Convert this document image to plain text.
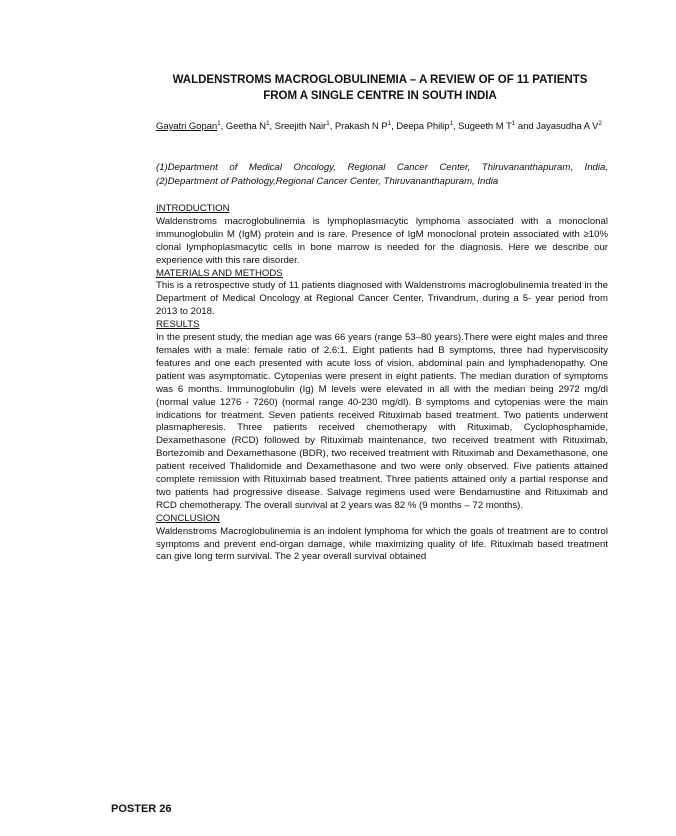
WALDENSTROMS MACROGLOBULINEMIA – A REVIEW OF OF 11 PATIENTS
FROM A SINGLE CENTRE IN SOUTH INDIA
Gayatri Gopan$^1$, Geetha $N^1$, Sreejith Nair$^1$, Prakash N $P^1$, Deepa Philip$^1$, Sugeeth M $T^1$ and Jayasudha A $V^2$
(1)Department of Medical Oncology, Regional Cancer Center, Thiruvananthapuram, India,
(2)Department of Pathology,Regional Cancer Center, Thiruvananthapuram, India
INTRODUCTION

Waldenstroms macroglobulinemia is lymphoplasmacytic lymphoma associated with a monoclonal immunoglobulin M (IgM) protein and is rare. Presence of IgM monoclonal protein associated with ≥10% clonal lymphoplasmacytic cells in bone marrow is needed for the diagnosis. Here we describe our experience with this rare disorder.

MATERIALS AND METHODS

This is a retrospective study of 11 patients diagnosed with Waldenstroms macroglobulinemia treated in the Department of Medical Oncology at Regional Cancer Center, Trivandrum, during a 5- year period from 2013 to 2018.

RESULTS

In the present study, the median age was 66 years (range 53–80 years).There were eight males and three females with a male: female ratio of 2.6:1. Eight patients had B symptoms, three had hyperviscosity features and one each presented with acute loss of vision, abdominal pain and lymphadenopathy. One patient was asymptomatic. Cytopenias were present in eight patients. The median duration of symptoms was 6 months. Immunoglobulin (Ig) M levels were elevated in all with the median being 2972 mg/dl (normal value 1276 - 7260) (normal range 40-230 mg/dl). B symptoms and cytopenias were the main indications for treatment. Seven patients received Rituximab based treatment. Two patients underwent plasmapheresis. Three patients received chemotherapy with Rituximab, Cyclophosphamide, Dexamethasone (RCD) followed by Rituximab maintenance, two received treatment with Rituximab, Bortezomib and Dexamethasone (BDR), two received treatment with Rituximab and Dexamethasone, one patient received Thalidomide and Dexamethasone and two were only observed. Five patients attained complete remission with Rituximab based treatment. Three patients attained only a partial response and two patients had progressive disease. Salvage regimens used were Bendamustine and Rituximab and RCD chemotherapy. The overall survival at 2 years was 82 % (9 months – 72 months).

CONCLUSION

Waldenstroms Macroglobulinemia is an indolent lymphoma for which the goals of treatment are to control symptoms and prevent end-organ damage, while maximizing quality of life. Rituximab based treatment can give long term survival. The 2 year overall survival obtained

POSTER 26
